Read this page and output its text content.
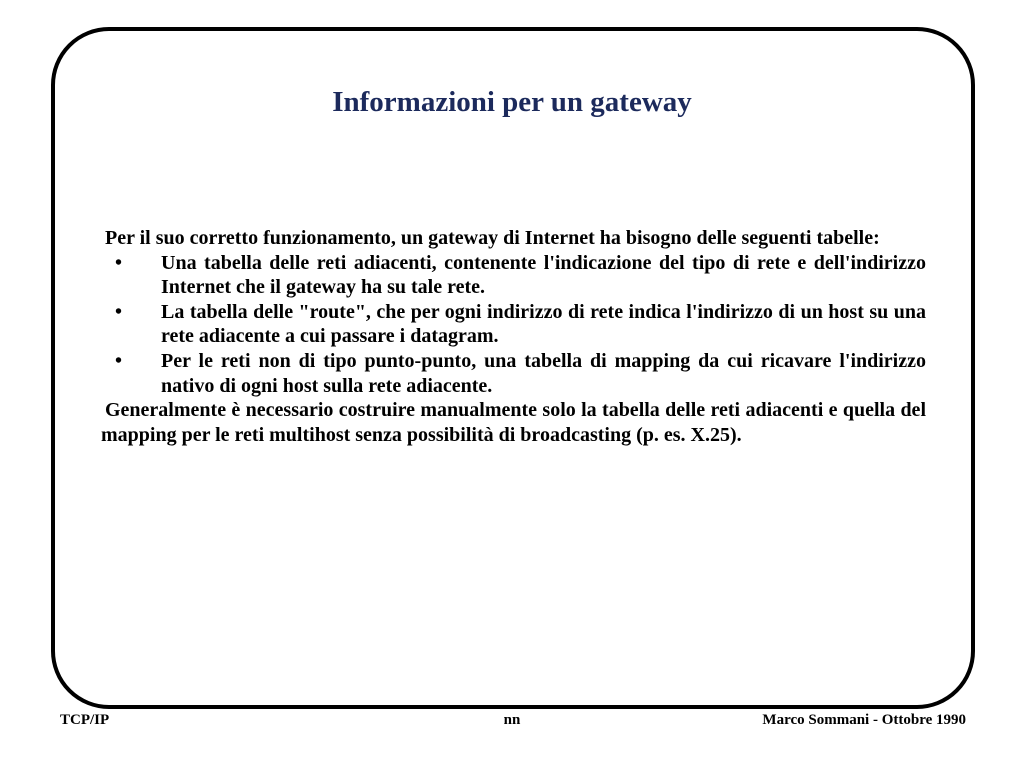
Informazioni per un gateway

Per il suo corretto funzionamento, un gateway di Internet ha bisogno delle seguenti tabelle:

• Una tabella delle reti adiacenti, contenente l'indicazione del tipo di rete e dell'indirizzo Internet che il gateway ha su tale rete.
• La tabella delle "route", che per ogni indirizzo di rete indica l'indirizzo di un host su una rete adiacente a cui passare i datagram.
• Per le reti non di tipo punto-punto, una tabella di mapping da cui ricavare l'indirizzo nativo di ogni host sulla rete adiacente.

Generalmente è necessario costruire manualmente solo la tabella delle reti adiacenti e quella del mapping per le reti multihost senza possibilità di broadcasting (p. es. X.25).

TCP/IP	nn	Marco Sommani - Ottobre 1990
